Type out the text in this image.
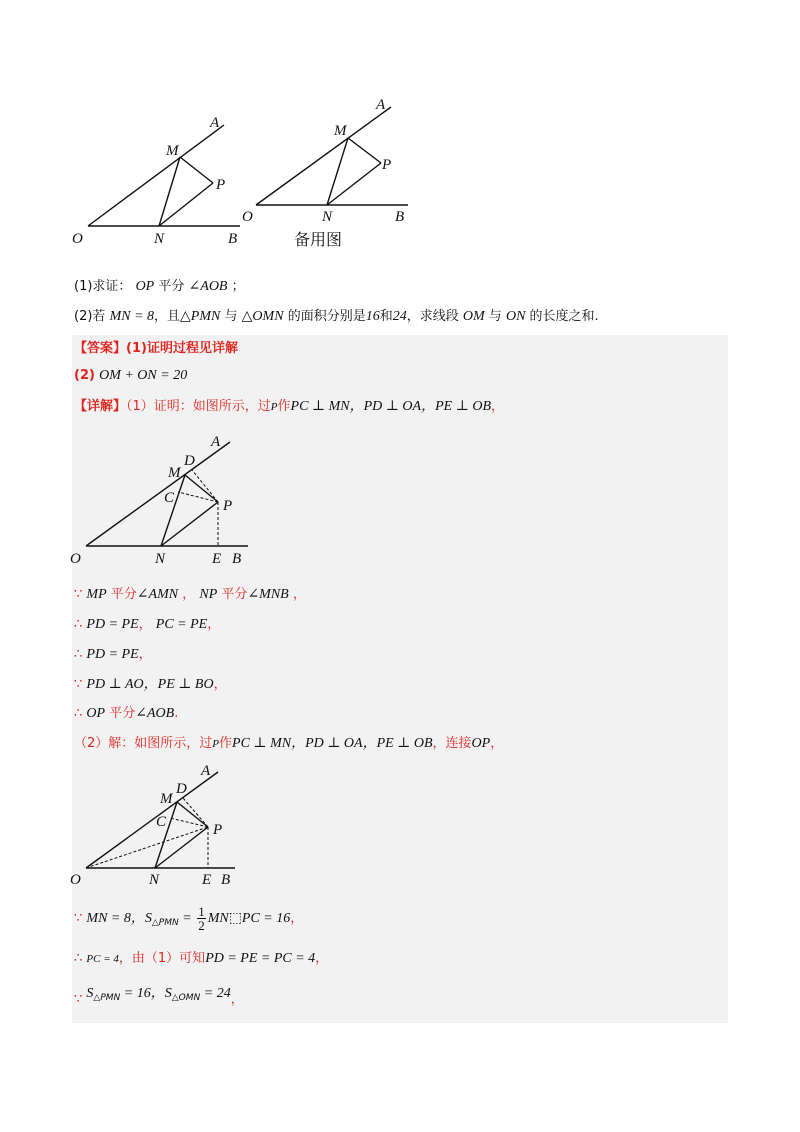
O	N	B
M
A
P
O	N	B
M
A
P
备用图
(1)求证： OP 平分 ∠AOB ；
(2)若 MN = 8，且△PMN 与 △OMN 的面积分别是16和24，求线段 OM 与 ON 的长度之和.
【答案】(1)证明过程见详解
(2) OM + ON = 20
【详解】（1）证明：如图所示，过P作PC ⊥ MN，PD ⊥ OA，PE ⊥ OB，
A
D
M
C	P
O	N	E B
∵ MP 平分∠AMN ， NP 平分∠MNB ，
∴ PD = PE， PC = PE，
∴ PD = PE，
∵ PD ⊥ AO，PE ⊥ BO，
∴ OP 平分∠AOB.
（2）解：如图所示，过P作PC ⊥ MN，PD ⊥ OA，PE ⊥ OB，连接OP，
A
D
M
C	P
O	N	E B
∵ MN = 8，$S_{\triangle PMN} = \frac{1}{2}$ MN⬚PC = 16，
∴ PC = 4，由（1）可知PD = PE = PC = 4，
∵ $S_{\triangle PMN} = 16$，$S_{\triangle OMN} = 24$，
